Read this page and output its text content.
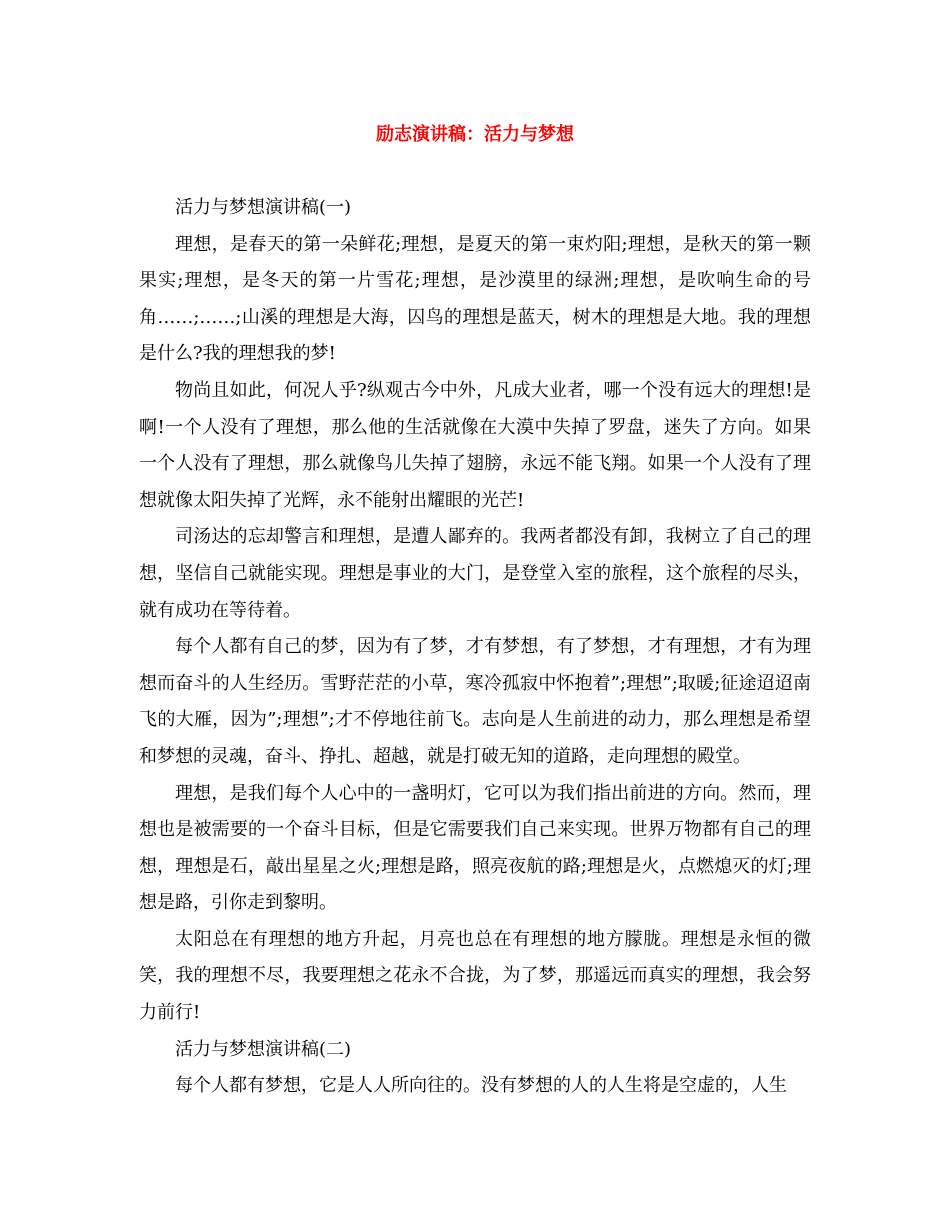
励志演讲稿：活力与梦想

活力与梦想演讲稿(一)

理想，是春天的第一朵鲜花;理想，是夏天的第一束灼阳;理想，是秋天的第一颗果实;理想，是冬天的第一片雪花;理想，是沙漠里的绿洲;理想，是吹响生命的号角……;……;山溪的理想是大海，囚鸟的理想是蓝天，树木的理想是大地。我的理想是什么?我的理想我的梦!

物尚且如此，何况人乎?纵观古今中外，凡成大业者，哪一个没有远大的理想!是啊!一个人没有了理想，那么他的生活就像在大漠中失掉了罗盘，迷失了方向。如果一个人没有了理想，那么就像鸟儿失掉了翅膀，永远不能飞翔。如果一个人没有了理想就像太阳失掉了光辉，永不能射出耀眼的光芒!

司汤达的忘却警言和理想，是遭人鄙弃的。我两者都没有卸，我树立了自己的理想，坚信自己就能实现。理想是事业的大门，是登堂入室的旅程，这个旅程的尽头，就有成功在等待着。

每个人都有自己的梦，因为有了梦，才有梦想，有了梦想，才有理想，才有为理想而奋斗的人生经历。雪野茫茫的小草，寒冷孤寂中怀抱着”;理想”;取暖;征途迢迢南飞的大雁，因为”;理想”;才不停地往前飞。志向是人生前进的动力，那么理想是希望和梦想的灵魂，奋斗、挣扎、超越，就是打破无知的道路，走向理想的殿堂。

理想，是我们每个人心中的一盏明灯，它可以为我们指出前进的方向。然而，理想也是被需要的一个奋斗目标，但是它需要我们自己来实现。世界万物都有自己的理想，理想是石，敲出星星之火;理想是路，照亮夜航的路;理想是火，点燃熄灭的灯;理想是路，引你走到黎明。

太阳总在有理想的地方升起，月亮也总在有理想的地方朦胧。理想是永恒的微笑，我的理想不尽，我要理想之花永不合拢，为了梦，那遥远而真实的理想，我会努力前行!

活力与梦想演讲稿(二)

每个人都有梦想，它是人人所向往的。没有梦想的人的人生将是空虚的，人生
